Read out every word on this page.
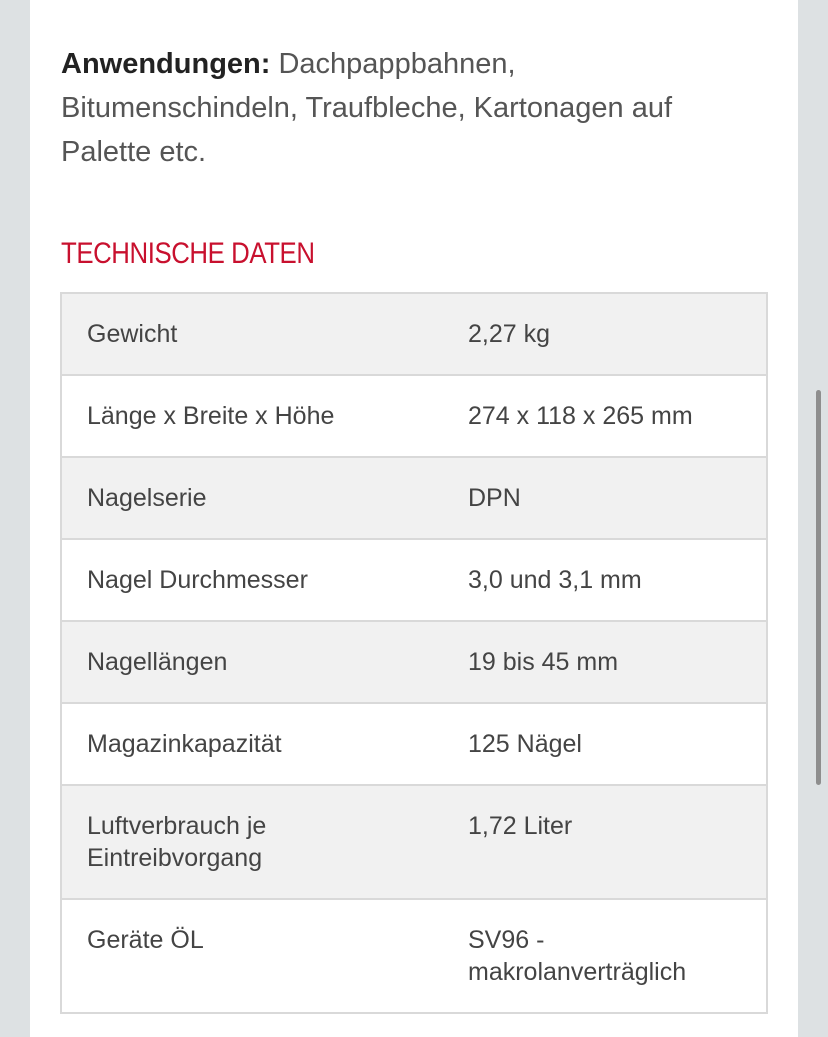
Anwendungen: Dachpappbahnen, Bitumenschindeln, Traufbleche, Kartonagen auf Palette etc.

TECHNISCHE DATEN
Gewicht	2,27 kg
Länge x Breite x Höhe	274 x 118 x 265 mm
Nagelserie	DPN
Nagel Durchmesser	3,0 und 3,1 mm
Nagellängen	19 bis 45 mm
Magazinkapazität	125 Nägel
Luftverbrauch je Eintreibvorgang	1,72 Liter
Geräte ÖL	SV96 - makrolanverträglich
